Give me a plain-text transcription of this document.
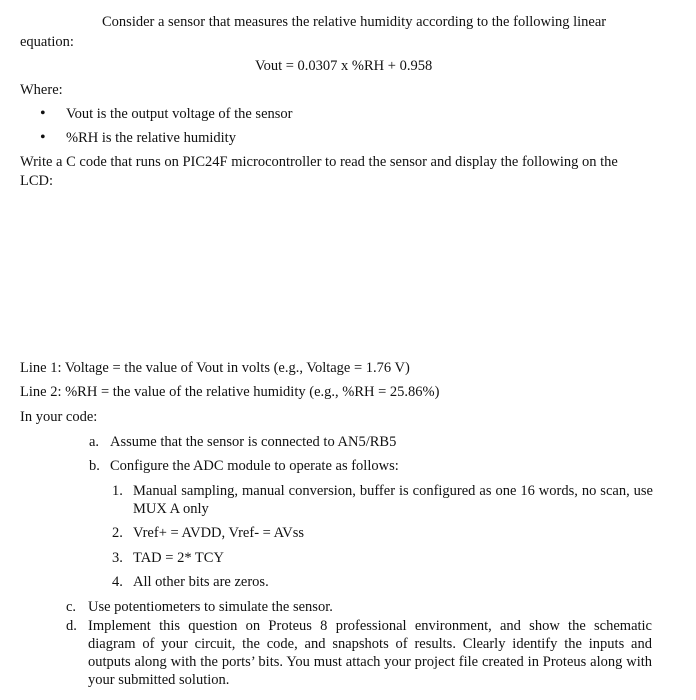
Consider a sensor that measures the relative humidity according to the following linear
equation:
Vout = 0.0307 x %RH + 0.958
Where:
• Vout is the output voltage of the sensor
• %RH is the relative humidity
Write a C code that runs on PIC24F microcontroller to read the sensor and display the following on the
LCD:
Line 1: Voltage = the value of Vout in volts (e.g., Voltage = 1.76 V)
Line 2: %RH = the value of the relative humidity (e.g., %RH = 25.86%)
In your code:
a. Assume that the sensor is connected to AN5/RB5
b. Configure the ADC module to operate as follows:
1. Manual sampling, manual conversion, buffer is configured as one 16 words, no scan, use MUX A only
2. Vref+ = AVDD, Vref- = AVss
3. TAD = 2* TCY
4. All other bits are zeros.
c. Use potentiometers to simulate the sensor.
d. Implement this question on Proteus 8 professional environment, and show the schematic diagram of your circuit, the code, and snapshots of results. Clearly identify the inputs and outputs along with the ports’ bits. You must attach your project file created in Proteus along with your submitted solution.
